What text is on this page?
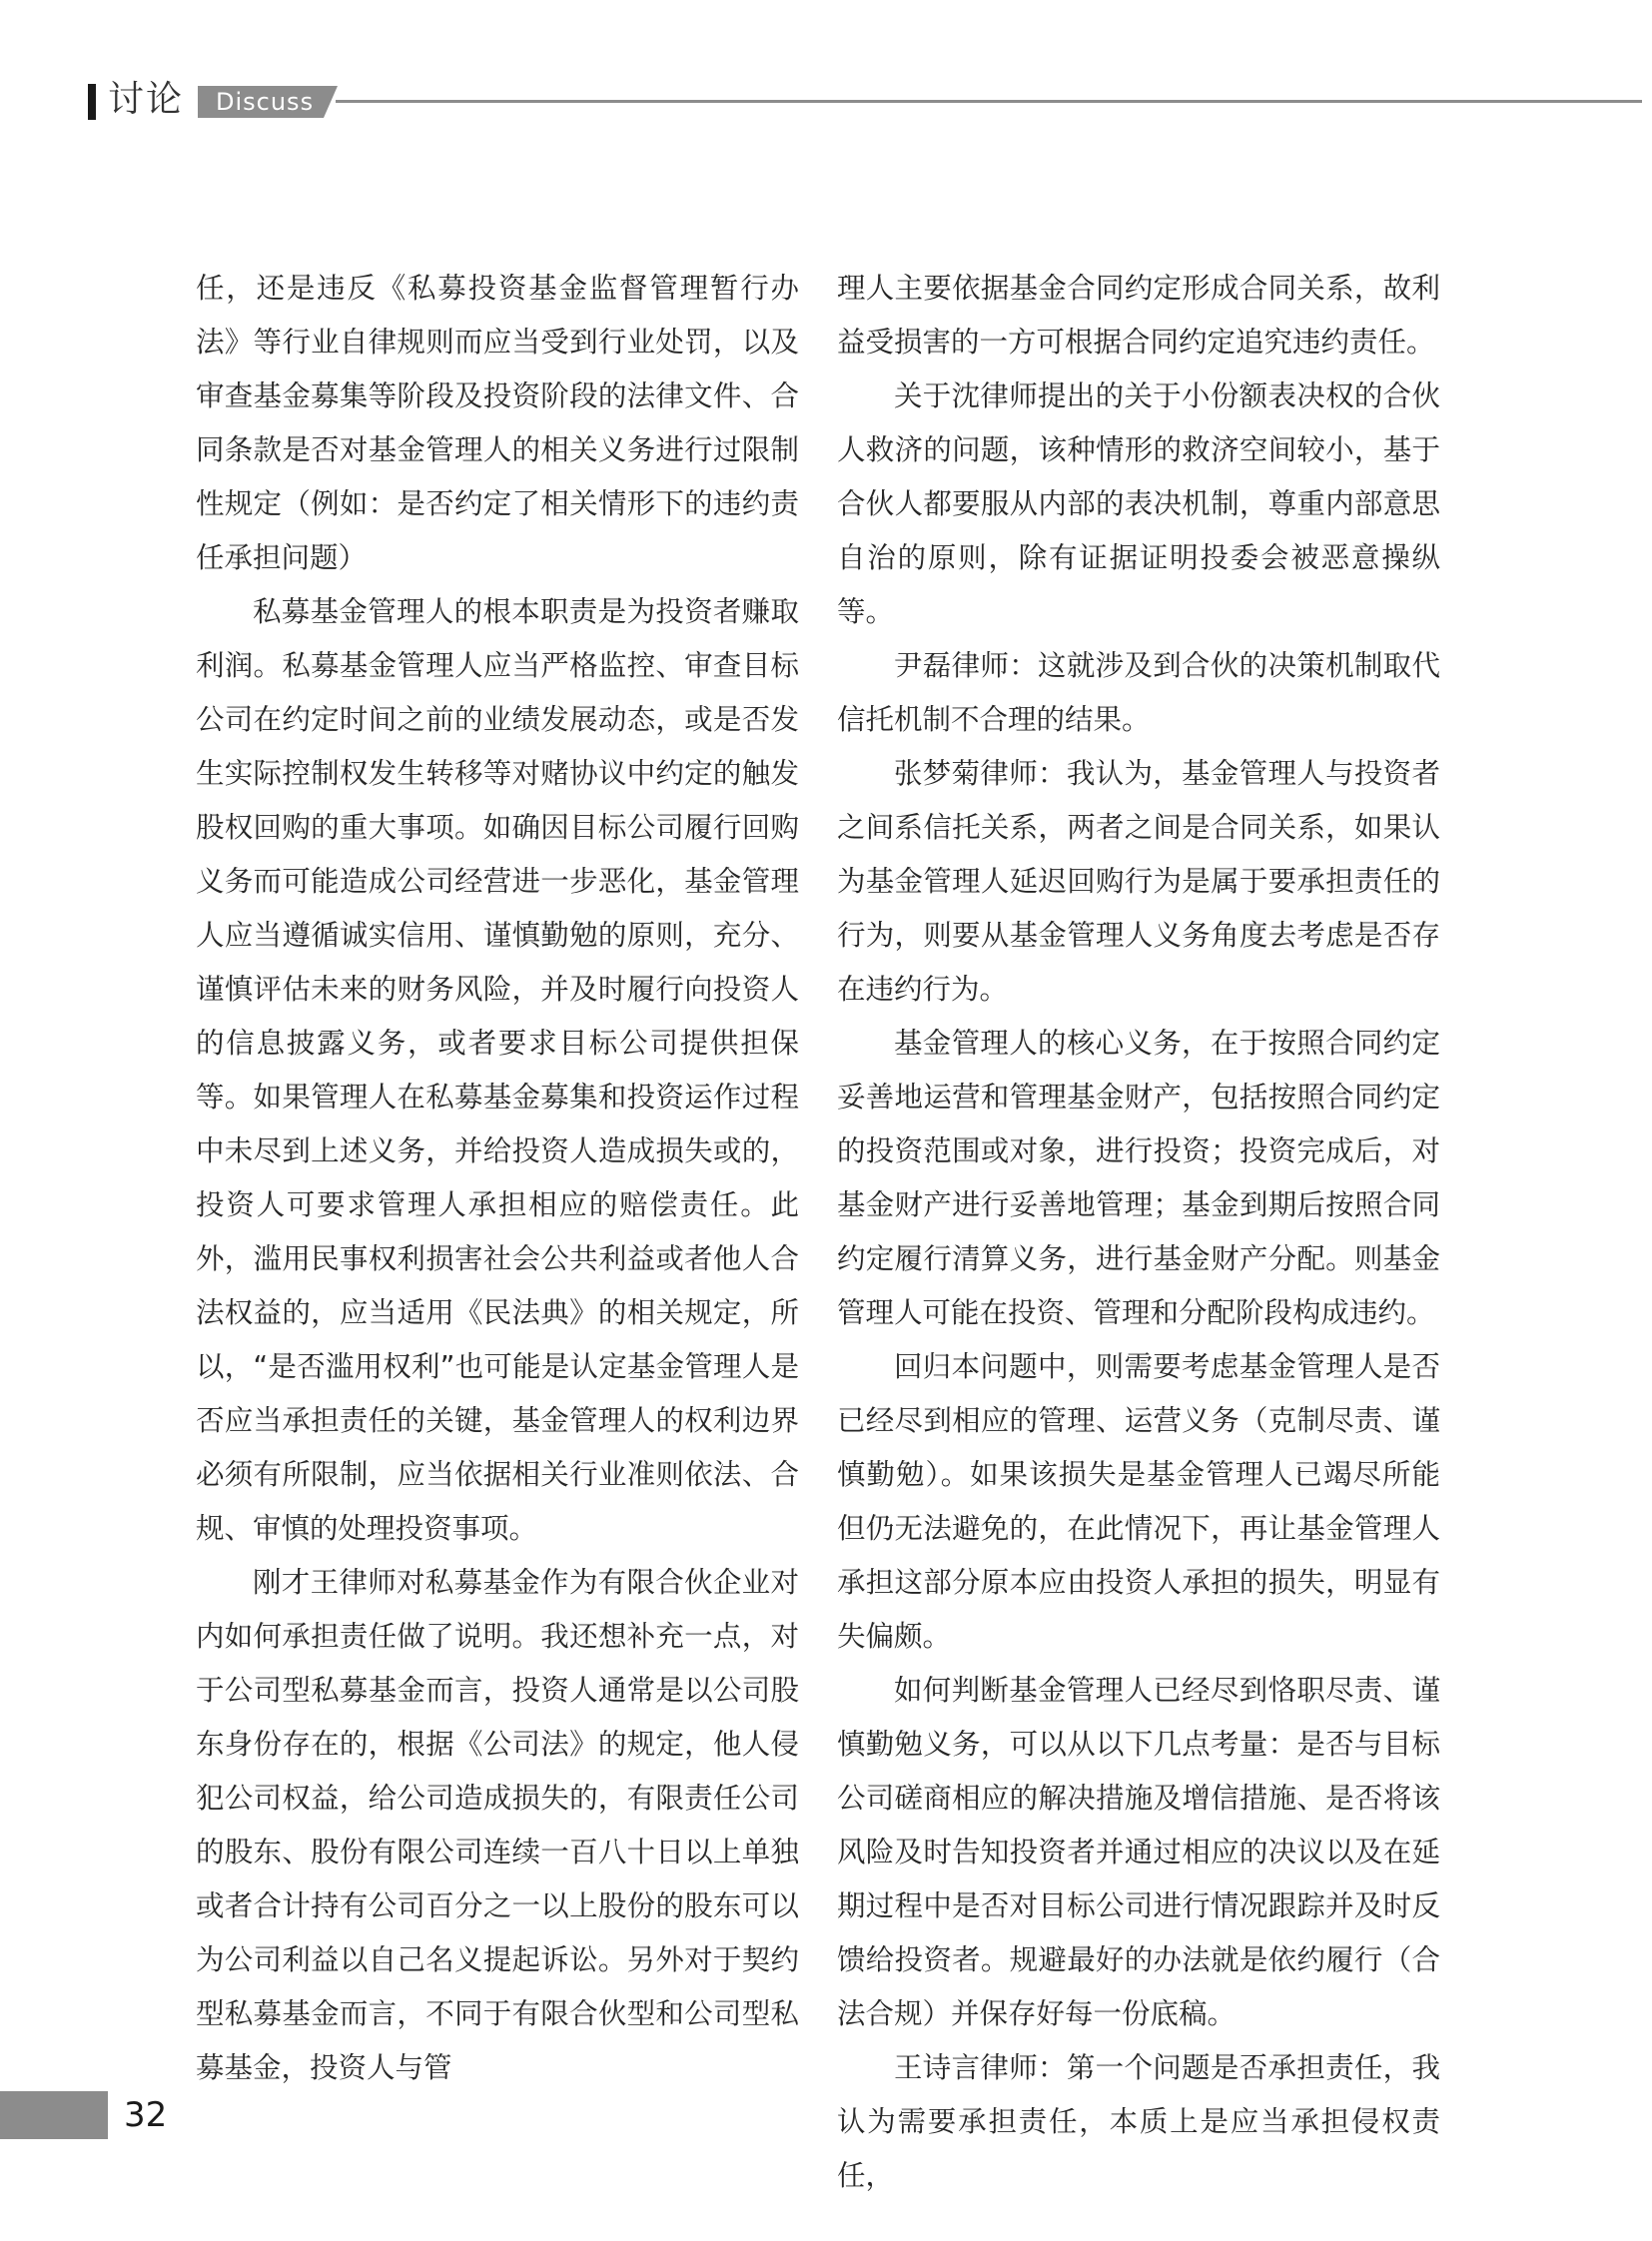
讨论 Discuss

任，还是违反《私募投资基金监督管理暂行办法》等行业自律规则而应当受到行业处罚，以及审查基金募集等阶段及投资阶段的法律文件、合同条款是否对基金管理人的相关义务进行过限制性规定（例如：是否约定了相关情形下的违约责任承担问题）

私募基金管理人的根本职责是为投资者赚取利润。私募基金管理人应当严格监控、审查目标公司在约定时间之前的业绩发展动态，或是否发生实际控制权发生转移等对赌协议中约定的触发股权回购的重大事项。如确因目标公司履行回购义务而可能造成公司经营进一步恶化，基金管理人应当遵循诚实信用、谨慎勤勉的原则，充分、谨慎评估未来的财务风险，并及时履行向投资人的信息披露义务，或者要求目标公司提供担保等。如果管理人在私募基金募集和投资运作过程中未尽到上述义务，并给投资人造成损失或的，投资人可要求管理人承担相应的赔偿责任。此外，滥用民事权利损害社会公共利益或者他人合法权益的，应当适用《民法典》的相关规定，所以，“是否滥用权利”也可能是认定基金管理人是否应当承担责任的关键，基金管理人的权利边界必须有所限制，应当依据相关行业准则依法、合规、审慎的处理投资事项。

刚才王律师对私募基金作为有限合伙企业对内如何承担责任做了说明。我还想补充一点，对于公司型私募基金而言，投资人通常是以公司股东身份存在的，根据《公司法》的规定，他人侵犯公司权益，给公司造成损失的，有限责任公司的股东、股份有限公司连续一百八十日以上单独或者合计持有公司百分之一以上股份的股东可以为公司利益以自己名义提起诉讼。另外对于契约型私募基金而言，不同于有限合伙型和公司型私募基金，投资人与管

理人主要依据基金合同约定形成合同关系，故利益受损害的一方可根据合同约定追究违约责任。

关于沈律师提出的关于小份额表决权的合伙人救济的问题，该种情形的救济空间较小，基于合伙人都要服从内部的表决机制，尊重内部意思自治的原则，除有证据证明投委会被恶意操纵等。

尹磊律师：这就涉及到合伙的决策机制取代信托机制不合理的结果。

张梦菊律师：我认为，基金管理人与投资者之间系信托关系，两者之间是合同关系，如果认为基金管理人延迟回购行为是属于要承担责任的行为，则要从基金管理人义务角度去考虑是否存在违约行为。

基金管理人的核心义务，在于按照合同约定妥善地运营和管理基金财产，包括按照合同约定的投资范围或对象，进行投资；投资完成后，对基金财产进行妥善地管理；基金到期后按照合同约定履行清算义务，进行基金财产分配。则基金管理人可能在投资、管理和分配阶段构成违约。

回归本问题中，则需要考虑基金管理人是否已经尽到相应的管理、运营义务（克制尽责、谨慎勤勉）。如果该损失是基金管理人已竭尽所能但仍无法避免的，在此情况下，再让基金管理人承担这部分原本应由投资人承担的损失，明显有失偏颇。

如何判断基金管理人已经尽到恪职尽责、谨慎勤勉义务，可以从以下几点考量：是否与目标公司磋商相应的解决措施及增信措施、是否将该风险及时告知投资者并通过相应的决议以及在延期过程中是否对目标公司进行情况跟踪并及时反馈给投资者。规避最好的办法就是依约履行（合法合规）并保存好每一份底稿。

王诗言律师：第一个问题是否承担责任，我认为需要承担责任，本质上是应当承担侵权责任，

32
